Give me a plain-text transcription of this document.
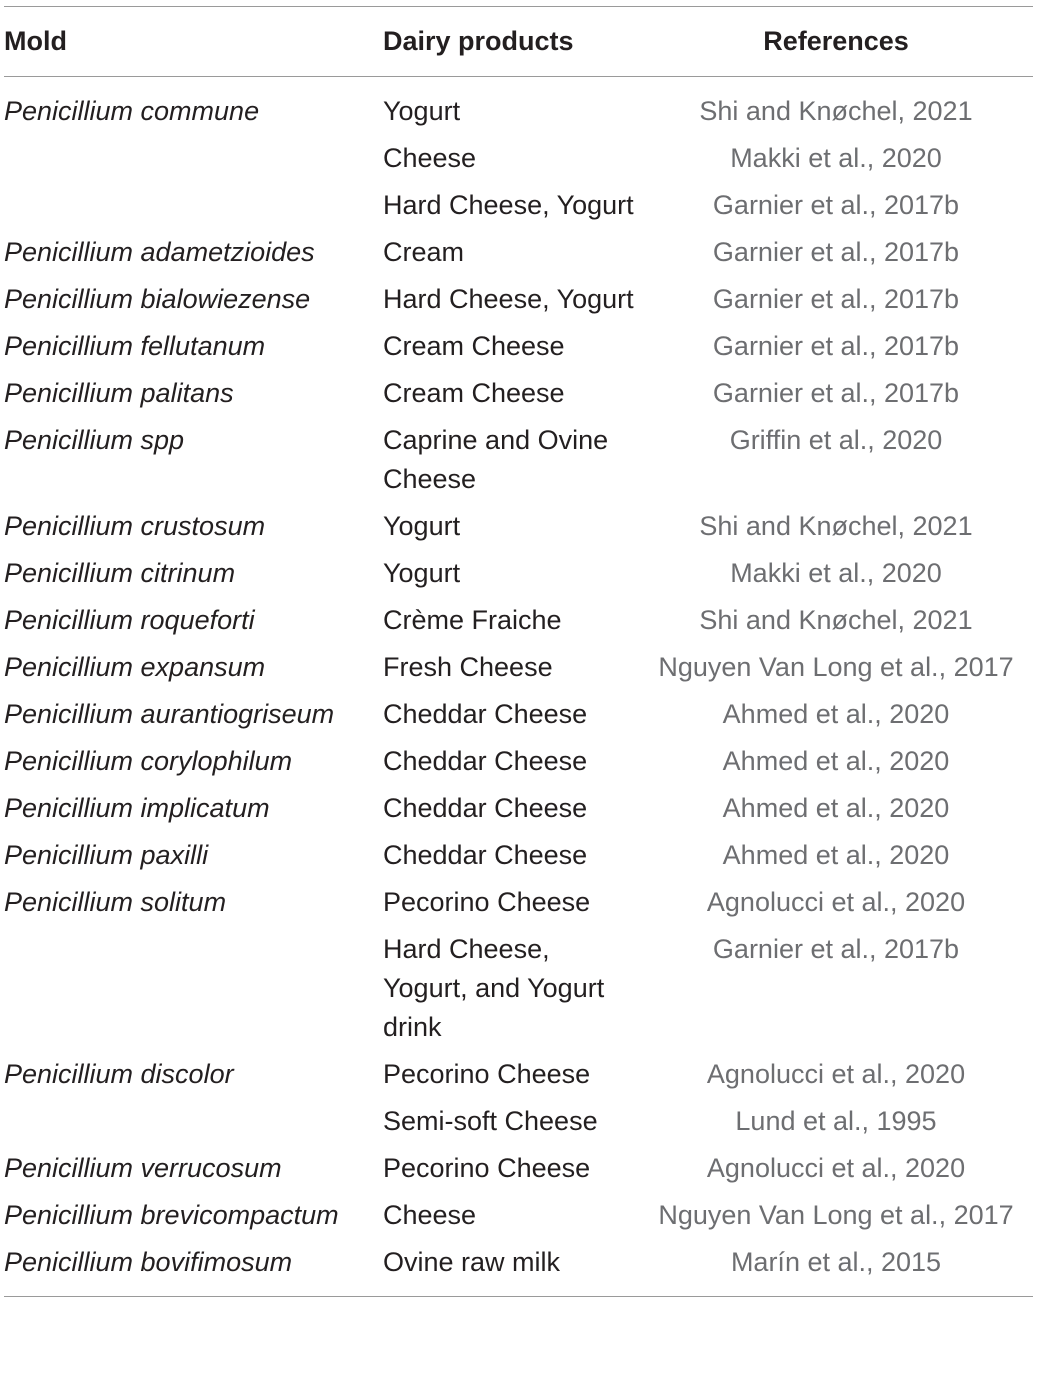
Mold	Dairy products	References
Penicillium commune	Yogurt	Shi and Knøchel, 2021
	Cheese	Makki et al., 2020
	Hard Cheese, Yogurt	Garnier et al., 2017b
Penicillium adametzioides	Cream	Garnier et al., 2017b
Penicillium bialowiezense	Hard Cheese, Yogurt	Garnier et al., 2017b
Penicillium fellutanum	Cream Cheese	Garnier et al., 2017b
Penicillium palitans	Cream Cheese	Garnier et al., 2017b
Penicillium spp	Caprine and Ovine Cheese	Griffin et al., 2020
Penicillium crustosum	Yogurt	Shi and Knøchel, 2021
Penicillium citrinum	Yogurt	Makki et al., 2020
Penicillium roqueforti	Crème Fraiche	Shi and Knøchel, 2021
Penicillium expansum	Fresh Cheese	Nguyen Van Long et al., 2017
Penicillium aurantiogriseum	Cheddar Cheese	Ahmed et al., 2020
Penicillium corylophilum	Cheddar Cheese	Ahmed et al., 2020
Penicillium implicatum	Cheddar Cheese	Ahmed et al., 2020
Penicillium paxilli	Cheddar Cheese	Ahmed et al., 2020
Penicillium solitum	Pecorino Cheese	Agnolucci et al., 2020
	Hard Cheese, Yogurt, and Yogurt drink	Garnier et al., 2017b
Penicillium discolor	Pecorino Cheese	Agnolucci et al., 2020
	Semi-soft Cheese	Lund et al., 1995
Penicillium verrucosum	Pecorino Cheese	Agnolucci et al., 2020
Penicillium brevicompactum	Cheese	Nguyen Van Long et al., 2017
Penicillium bovifimosum	Ovine raw milk	Marín et al., 2015
